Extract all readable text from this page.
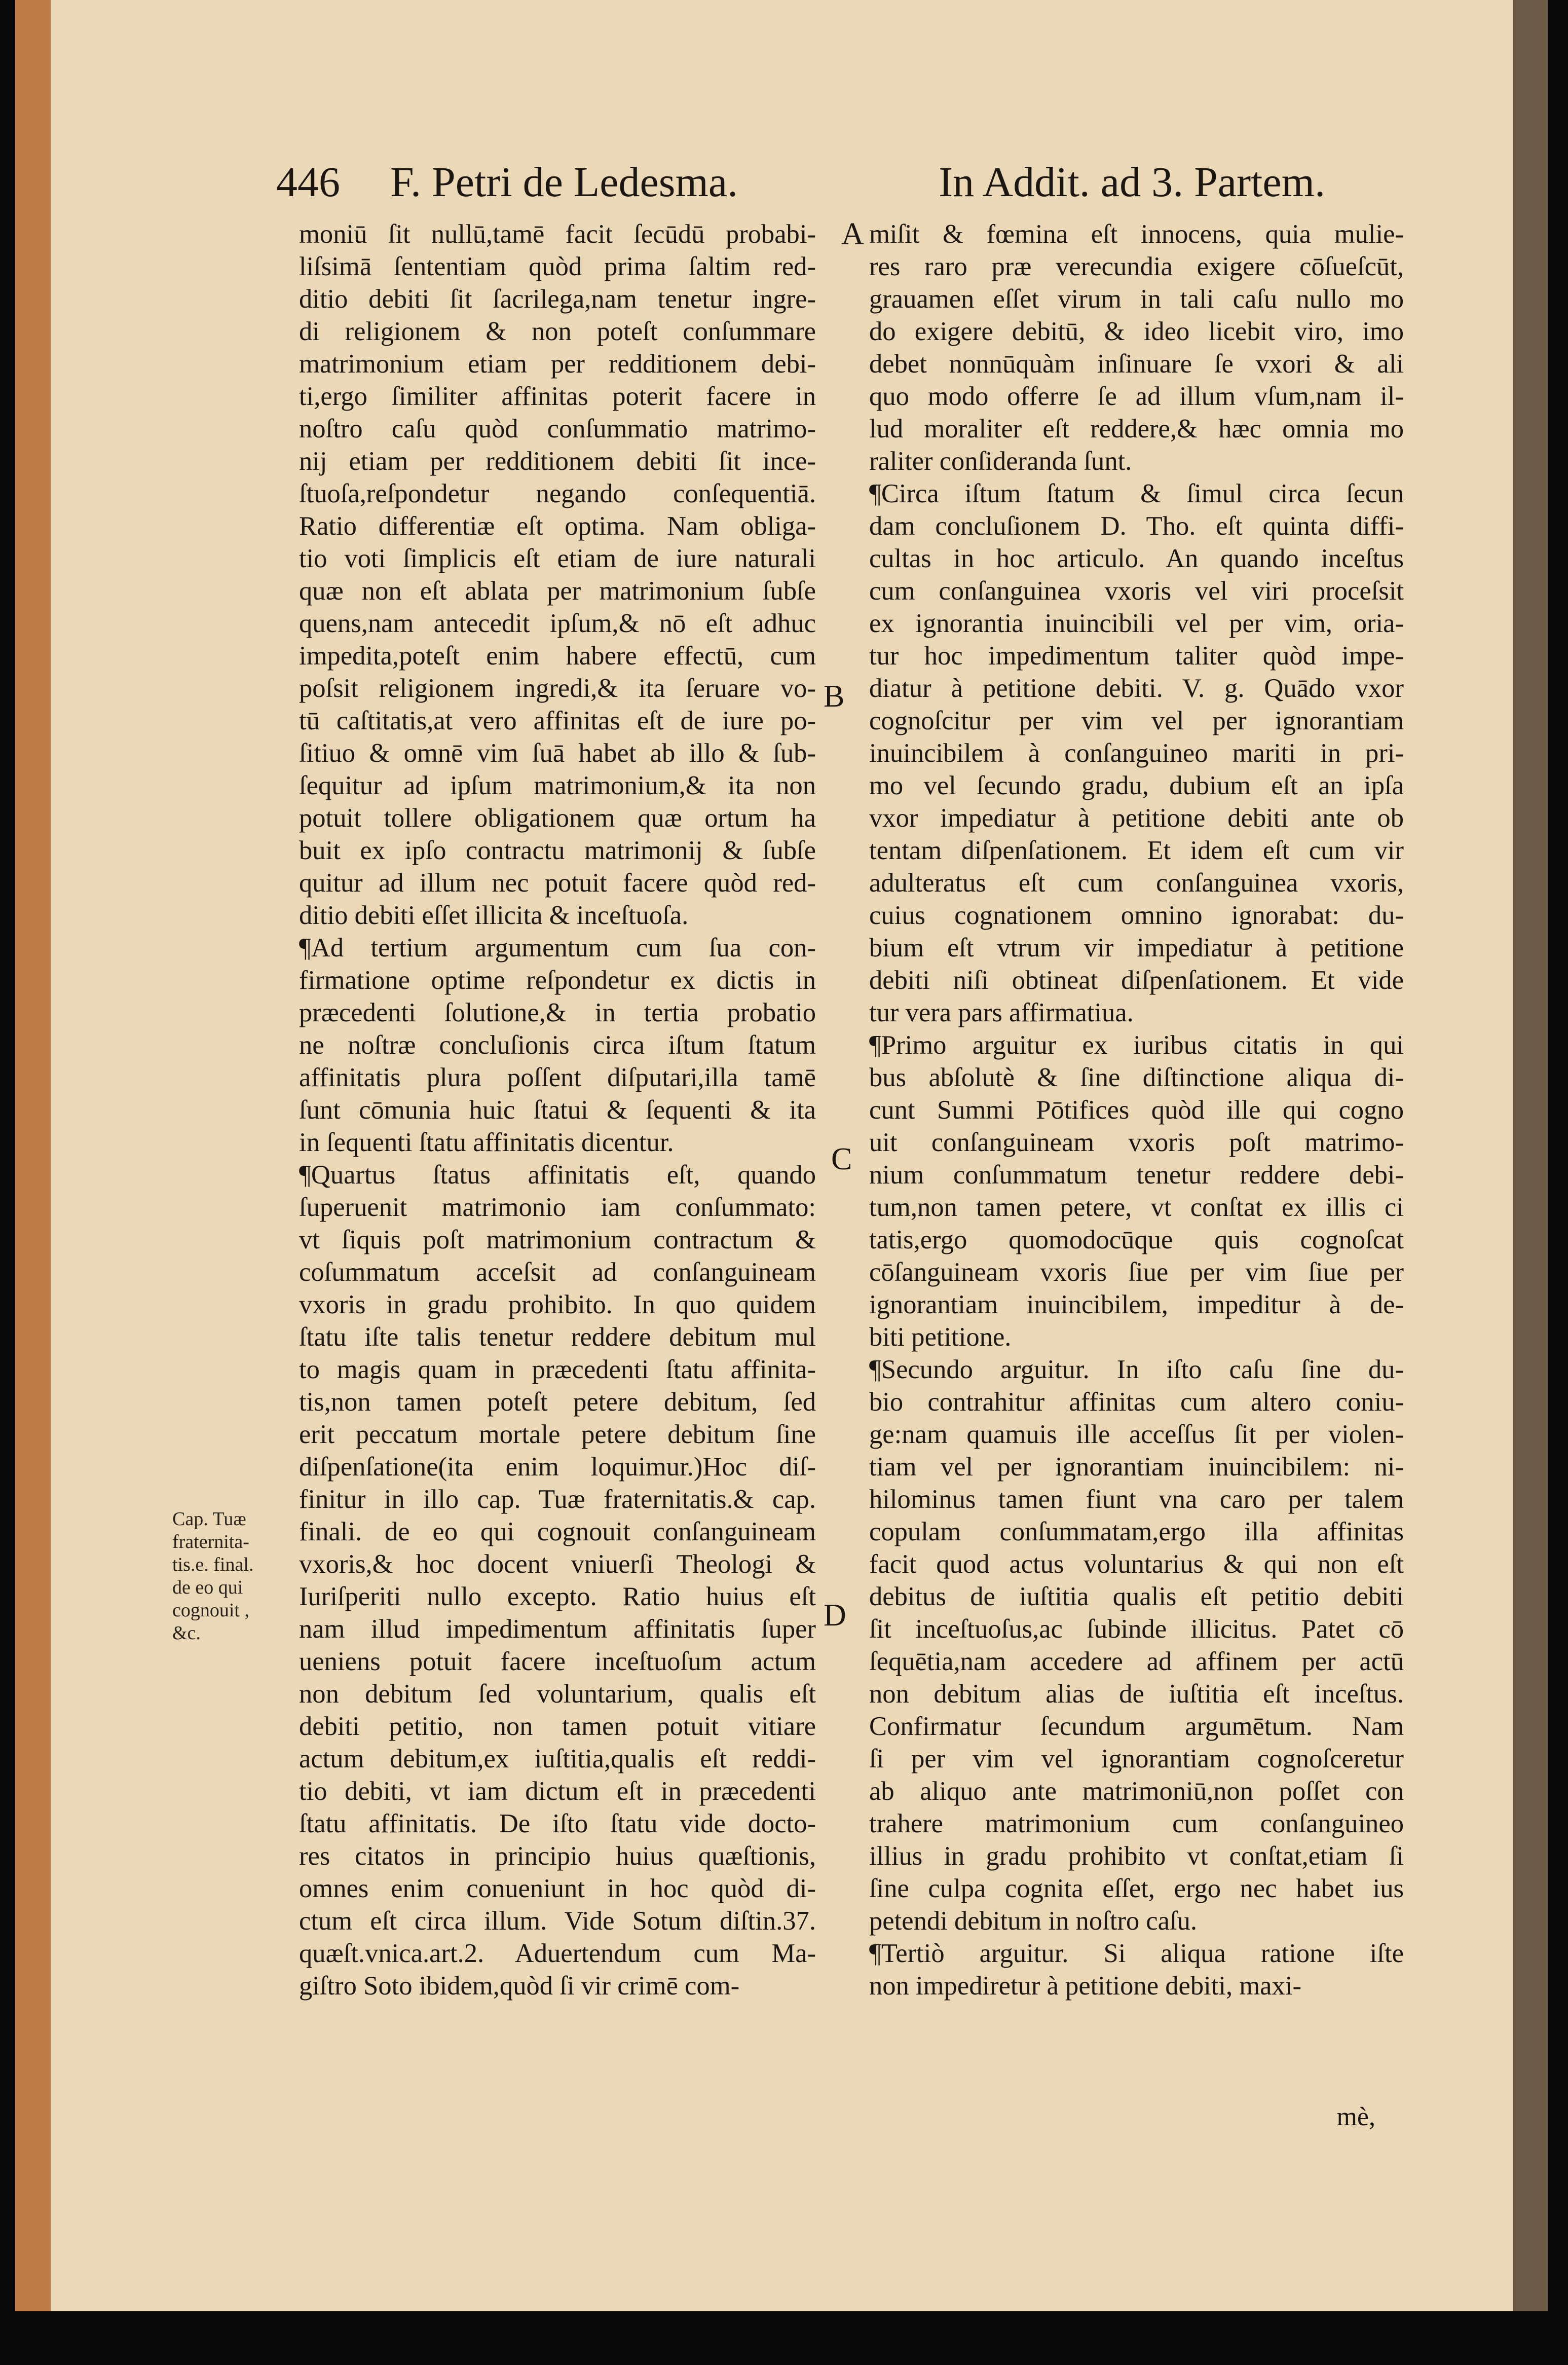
446 F. Petri de Ledesma.	In Addit. ad 3. Partem.
moniū ſit nullū,tamē facit ſecūdū probabi-
liſsimā ſententiam quòd prima ſaltim red-
ditio debiti ſit ſacrilega,nam tenetur ingre-
di religionem & non poteſt conſummare
matrimonium etiam per redditionem debi-
ti,ergo ſimiliter affinitas poterit facere in
noſtro caſu quòd conſummatio matrimo-
nij etiam per redditionem debiti ſit ince-
ſtuoſa,reſpondetur negando conſequentiā.
Ratio differentiæ eſt optima. Nam obliga-
tio voti ſimplicis eſt etiam de iure naturali
quæ non eſt ablata per matrimonium ſubſe
quens,nam antecedit ipſum,& nō eſt adhuc
impedita,poteſt enim habere effectū, cum
poſsit religionem ingredi,& ita ſeruare vo-
tū caſtitatis,at vero affinitas eſt de iure po-
ſitiuo & omnē vim ſuā habet ab illo & ſub-
ſequitur ad ipſum matrimonium,& ita non
potuit tollere obligationem quæ ortum ha
buit ex ipſo contractu matrimonij & ſubſe
quitur ad illum nec potuit facere quòd red-
ditio debiti eſſet illicita & inceſtuoſa.
¶Ad tertium argumentum cum ſua con-
firmatione optime reſpondetur ex dictis in
præcedenti ſolutione,& in tertia probatio
ne noſtræ concluſionis circa iſtum ſtatum
affinitatis plura poſſent diſputari,illa tamē
ſunt cōmunia huic ſtatui & ſequenti & ita
in ſequenti ſtatu affinitatis dicentur.
¶Quartus ſtatus affinitatis eſt, quando
ſuperuenit matrimonio iam conſummato:
vt ſiquis poſt matrimonium contractum &
coſummatum acceſsit ad conſanguineam
vxoris in gradu prohibito. In quo quidem
ſtatu iſte talis tenetur reddere debitum mul
to magis quam in præcedenti ſtatu affinita-
tis,non tamen poteſt petere debitum, ſed
erit peccatum mortale petere debitum ſine
diſpenſatione(ita enim loquimur.)Hoc diſ-
finitur in illo cap. Tuæ fraternitatis.& cap.
finali. de eo qui cognouit conſanguineam
vxoris,& hoc docent vniuerſi Theologi &
Iuriſperiti nullo excepto. Ratio huius eſt
nam illud impedimentum affinitatis ſuper
ueniens potuit facere inceſtuoſum actum
non debitum ſed voluntarium, qualis eſt
debiti petitio, non tamen potuit vitiare
actum debitum,ex iuſtitia,qualis eſt reddi-
tio debiti, vt iam dictum eſt in præcedenti
ſtatu affinitatis. De iſto ſtatu vide docto-
res citatos in principio huius quæſtionis,
omnes enim conueniunt in hoc quòd di-
ctum eſt circa illum. Vide Sotum diſtin.37.
quæſt.vnica.art.2. Aduertendum cum Ma-
giſtro Soto ibidem,quòd ſi vir crimē com-
miſit & fœmina eſt innocens, quia mulie-
res raro præ verecundia exigere cōſueſcūt,
grauamen eſſet virum in tali caſu nullo mo
do exigere debitū, & ideo licebit viro, imo
debet nonnūquàm inſinuare ſe vxori & ali
quo modo offerre ſe ad illum vſum,nam il-
lud moraliter eſt reddere,& hæc omnia mo
raliter conſideranda ſunt.
¶Circa iſtum ſtatum & ſimul circa ſecun
dam concluſionem D. Tho. eſt quinta diffi-
cultas in hoc articulo. An quando inceſtus
cum conſanguinea vxoris vel viri proceſsit
ex ignorantia inuincibili vel per vim, oria-
tur hoc impedimentum taliter quòd impe-
diatur à petitione debiti. V. g. Quādo vxor
cognoſcitur per vim vel per ignorantiam
inuincibilem à conſanguineo mariti in pri-
mo vel ſecundo gradu, dubium eſt an ipſa
vxor impediatur à petitione debiti ante ob
tentam diſpenſationem. Et idem eſt cum vir
adulteratus eſt cum conſanguinea vxoris,
cuius cognationem omnino ignorabat: du-
bium eſt vtrum vir impediatur à petitione
debiti niſi obtineat diſpenſationem. Et vide
tur vera pars affirmatiua.
¶Primo arguitur ex iuribus citatis in qui
bus abſolutè & ſine diſtinctione aliqua di-
cunt Summi Pōtifices quòd ille qui cogno
uit conſanguineam vxoris poſt matrimo-
nium conſummatum tenetur reddere debi-
tum,non tamen petere, vt conſtat ex illis ci
tatis,ergo quomodocūque quis cognoſcat
cōſanguineam vxoris ſiue per vim ſiue per
ignorantiam inuincibilem, impeditur à de-
biti petitione.
¶Secundo arguitur. In iſto caſu ſine du-
bio contrahitur affinitas cum altero coniu-
ge:nam quamuis ille acceſſus ſit per violen-
tiam vel per ignorantiam inuincibilem: ni-
hilominus tamen fiunt vna caro per talem
copulam conſummatam,ergo illa affinitas
facit quod actus voluntarius & qui non eſt
debitus de iuſtitia qualis eſt petitio debiti
ſit inceſtuoſus,ac ſubinde illicitus. Patet cō
ſequētia,nam accedere ad affinem per actū
non debitum alias de iuſtitia eſt inceſtus.
Confirmatur ſecundum argumētum. Nam
ſi per vim vel ignorantiam cognoſceretur
ab aliquo ante matrimoniū,non poſſet con
trahere matrimonium cum conſanguineo
illius in gradu prohibito vt conſtat,etiam ſi
ſine culpa cognita eſſet, ergo nec habet ius
petendi debitum in noſtro caſu.
¶Tertiò arguitur. Si aliqua ratione iſte
non impediretur à petitione debiti, maxi-
A
B
C
D
Cap. Tuæ
fraternita-
tis.e. final.
de eo qui
cognouit ,
&c.
mè,
